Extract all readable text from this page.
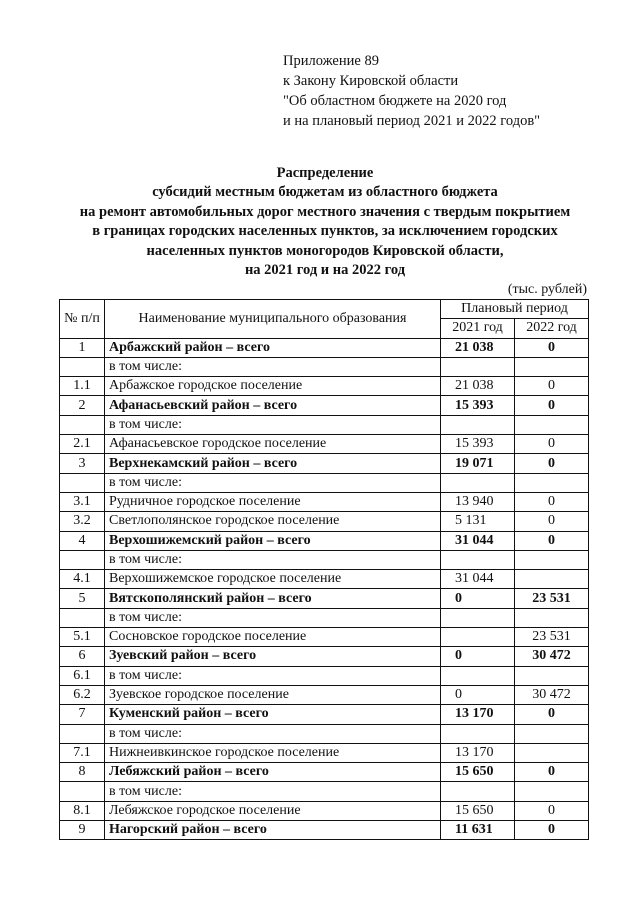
Приложение 89
к Закону Кировской области
"Об областном бюджете на 2020 год
и на плановый период 2021 и 2022 годов"
Распределение
субсидий местным бюджетам из областного бюджета
на ремонт автомобильных дорог местного значения с твердым покрытием
в границах городских населенных пунктов, за исключением городских
населенных пунктов моногородов Кировской области,
на 2021 год и на 2022 год
(тыс. рублей)
№ п/п	Наименование муниципального образования	Плановый период	
		2021 год	2022 год
1	Арбажский район – всего	21 038	0
	в том числе:		
1.1	Арбажское городское поселение	21 038	0
2	Афанасьевский район – всего	15 393	0
	в том числе:		
2.1	Афанасьевское городское поселение	15 393	0
3	Верхнекамский район – всего	19 071	0
	в том числе:		
3.1	Рудничное городское поселение	13 940	0
3.2	Светлополянское городское поселение	5 131	0
4	Верхошижемский район – всего	31 044	0
	в том числе:		
4.1	Верхошижемское городское поселение	31 044	
5	Вятскополянский район – всего	0	23 531
	в том числе:		
5.1	Сосновское городское поселение		23 531
6	Зуевский район – всего	0	30 472
6.1	в том числе:		
6.2	Зуевское городское поселение	0	30 472
7	Куменский район – всего	13 170	0
	в том числе:		
7.1	Нижнеивкинское городское поселение	13 170	
8	Лебяжский район – всего	15 650	0
	в том числе:		
8.1	Лебяжское городское поселение	15 650	0
9	Нагорский район – всего	11 631	0
